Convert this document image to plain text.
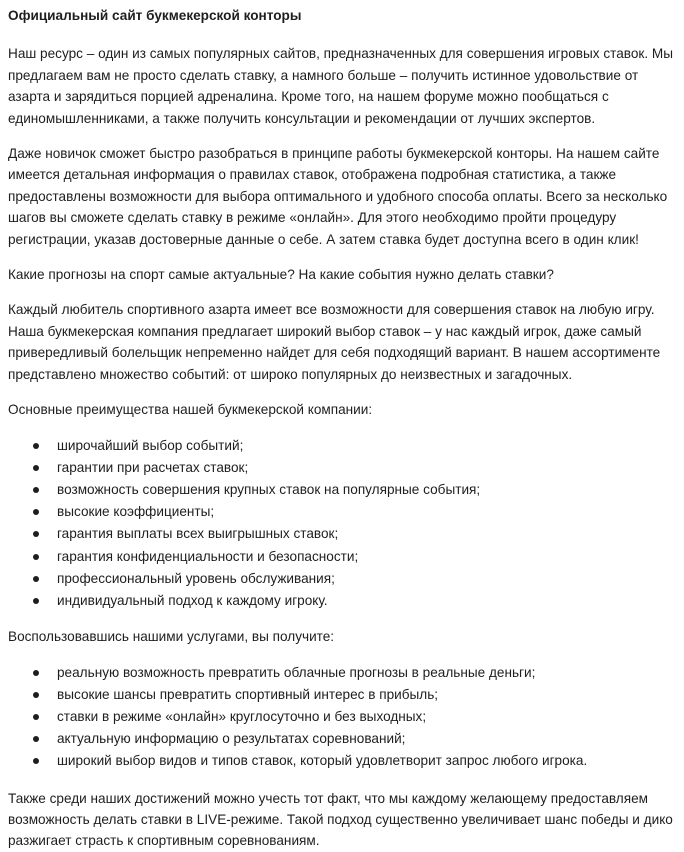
Официальный сайт букмекерской конторы

Наш ресурс – один из самых популярных сайтов, предназначенных для совершения игровых ставок. Мы предлагаем вам не просто сделать ставку, а намного больше – получить истинное удовольствие от азарта и зарядиться порцией адреналина. Кроме того, на нашем форуме можно пообщаться с единомышленниками, а также получить консультации и рекомендации от лучших экспертов.

Даже новичок сможет быстро разобраться в принципе работы букмекерской конторы. На нашем сайте имеется детальная информация о правилах ставок, отображена подробная статистика, а также предоставлены возможности для выбора оптимального и удобного способа оплаты. Всего за несколько шагов вы сможете сделать ставку в режиме «онлайн». Для этого необходимо пройти процедуру регистрации, указав достоверные данные о себе. А затем ставка будет доступна всего в один клик!

Какие прогнозы на спорт самые актуальные? На какие события нужно делать ставки?

Каждый любитель спортивного азарта имеет все возможности для совершения ставок на любую игру. Наша букмекерская компания предлагает широкий выбор ставок – у нас каждый игрок, даже самый привередливый болельщик непременно найдет для себя подходящий вариант. В нашем ассортименте представлено множество событий: от широко популярных до неизвестных и загадочных.

Основные преимущества нашей букмекерской компании:

широчайший выбор событий;
гарантии при расчетах ставок;
возможность совершения крупных ставок на популярные события;
высокие коэффициенты;
гарантия выплаты всех выигрышных ставок;
гарантия конфиденциальности и безопасности;
профессиональный уровень обслуживания;
индивидуальный подход к каждому игроку.

Воспользовавшись нашими услугами, вы получите:

реальную возможность превратить облачные прогнозы в реальные деньги;
высокие шансы превратить спортивный интерес в прибыль;
ставки в режиме «онлайн» круглосуточно и без выходных;
актуальную информацию о результатах соревнований;
широкий выбор видов и типов ставок, который удовлетворит запрос любого игрока.

Также среди наших достижений можно учесть тот факт, что мы каждому желающему предоставляем возможность делать ставки в LIVE-режиме. Такой подход существенно увеличивает шанс победы и дико разжигает страсть к спортивным соревнованиям.
